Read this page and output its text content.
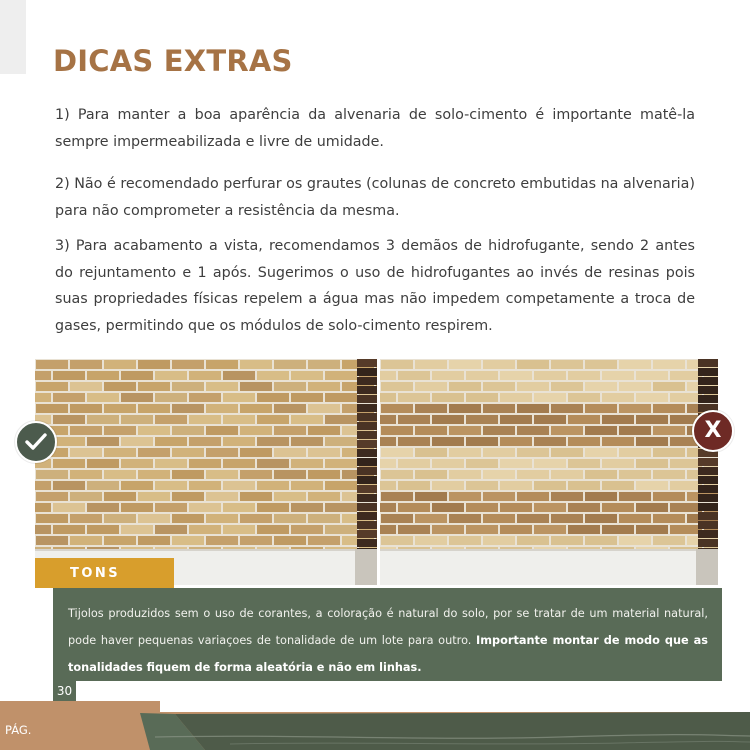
DICAS EXTRAS

1) Para manter a boa aparência da alvenaria de solo-cimento é importante matê-la sempre impermeabilizada e livre de umidade.

2) Não é recomendado perfurar os grautes (colunas de concreto embutidas na alvenaria) para não comprometer a resistência da mesma.

3) Para acabamento a vista, recomendamos 3 demãos de hidrofugante, sendo 2 antes do rejuntamento e 1 após. Sugerimos o uso de hidrofugantes ao invés de resinas pois suas propriedades físicas repelem a água mas não impedem competamente a troca de gases, permitindo que os módulos de solo-cimento respirem.

X

TONS

Tijolos produzidos sem o uso de corantes, a coloração é natural do solo, por se tratar de um material natural, pode haver pequenas variaçoes de tonalidade de um lote para outro. Importante montar de modo que as tonalidades fiquem de forma aleatória e não em linhas.

30

PÁG.
